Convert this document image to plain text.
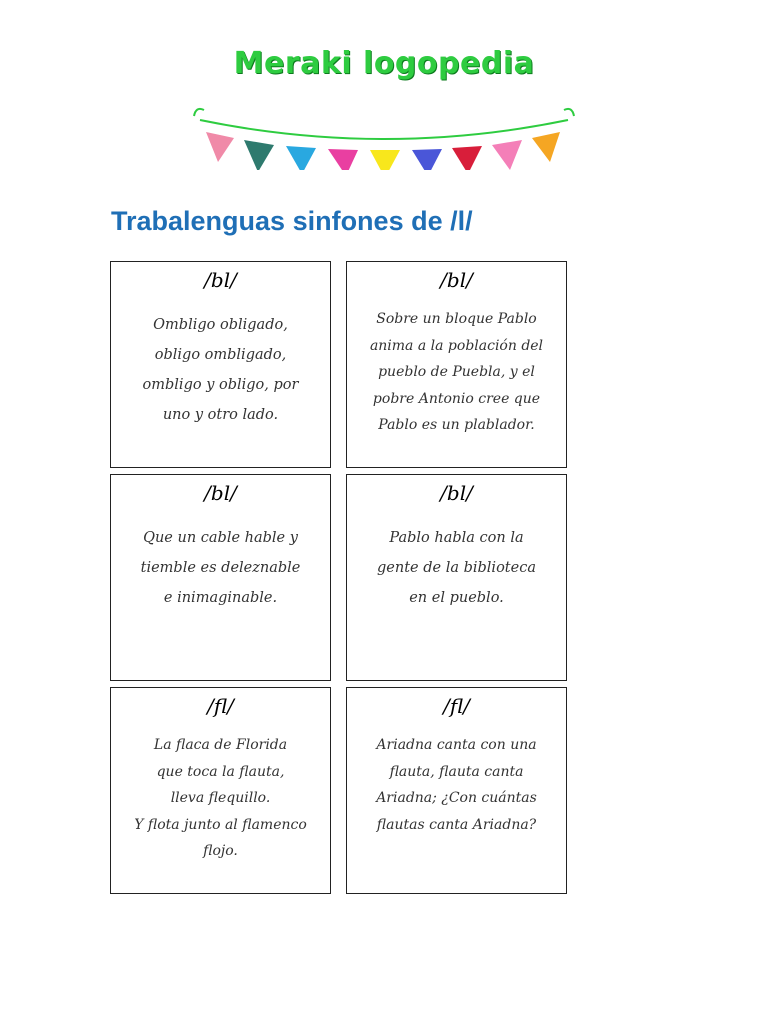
Meraki logopedia
Trabalenguas sinfones de /l/
/bl/
Ombligo obligado,
obligo ombligado,
ombligo y obligo, por
uno y otro lado.
/bl/
Sobre un bloque Pablo
anima a la población del
pueblo de Puebla, y el
pobre Antonio cree que
Pablo es un plablador.
/bl/
Que un cable hable y
tiemble es deleznable
e inimaginable.
/bl/
Pablo habla con la
gente de la biblioteca
en el pueblo.
/fl/
La flaca de Florida
que toca la flauta,
lleva flequillo.
Y flota junto al flamenco
flojo.
/fl/
Ariadna canta con una
flauta, flauta canta
Ariadna; ¿Con cuántas
flautas canta Ariadna?
